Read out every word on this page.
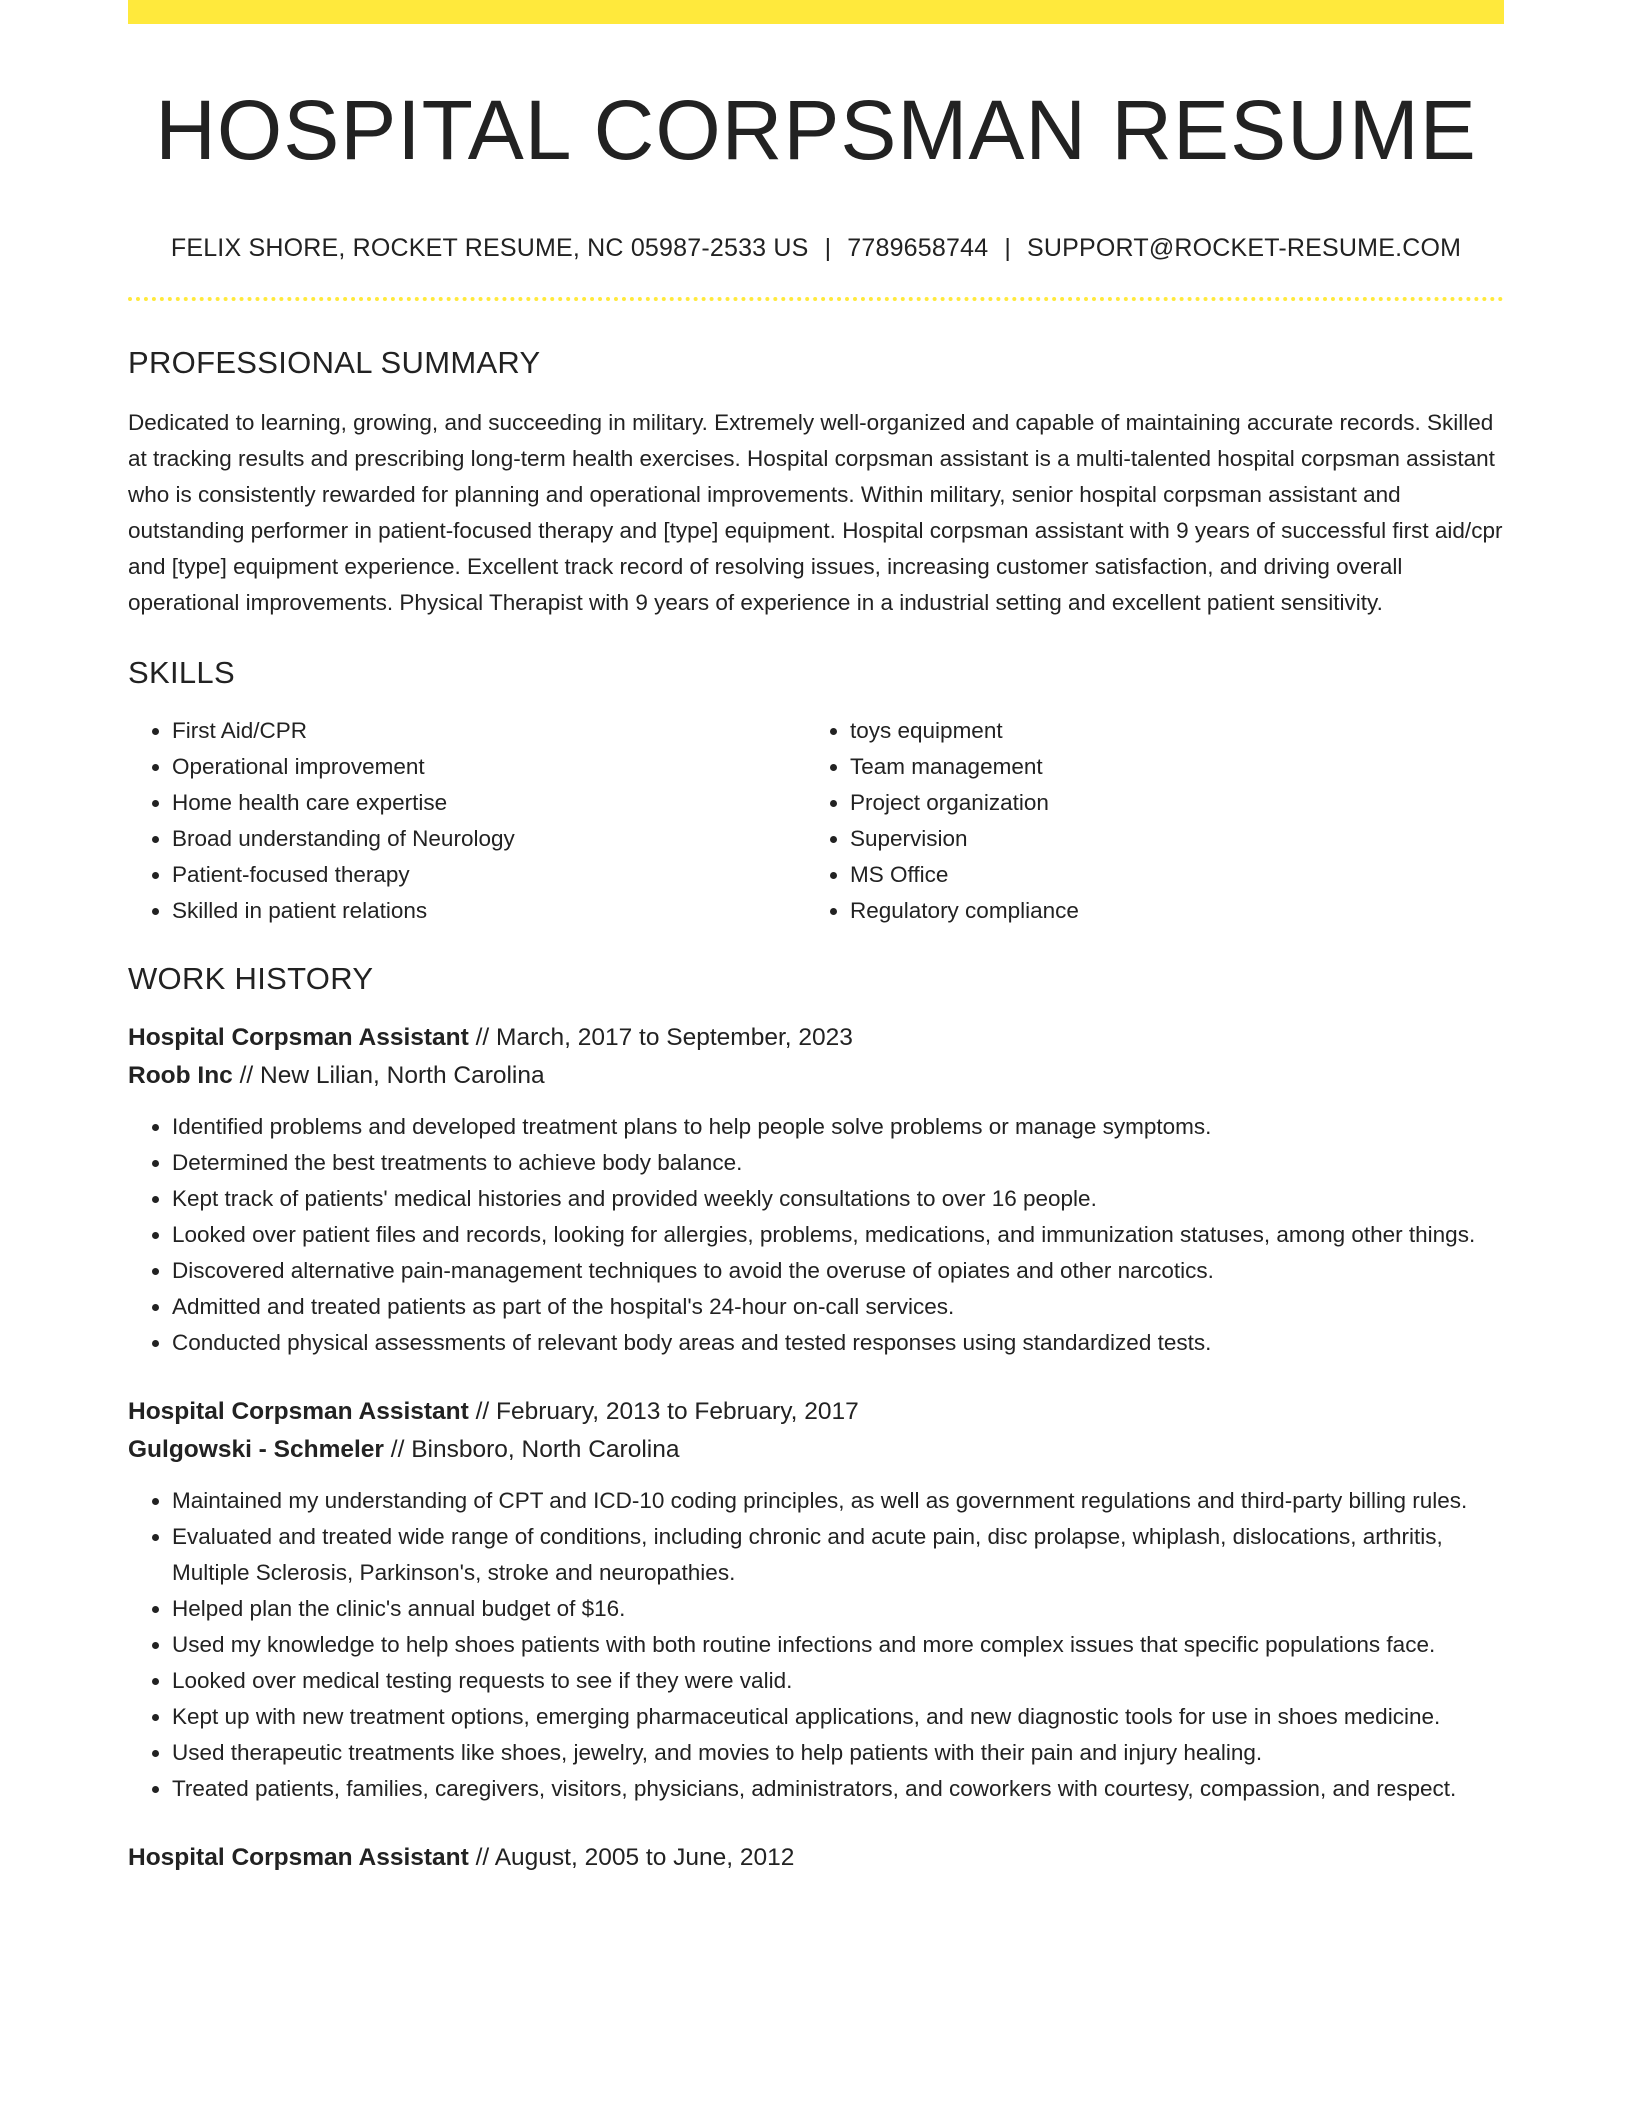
HOSPITAL CORPSMAN RESUME
FELIX SHORE, ROCKET RESUME, NC 05987-2533 US | 7789658744 | SUPPORT@ROCKET-RESUME.COM
PROFESSIONAL SUMMARY

Dedicated to learning, growing, and succeeding in military. Extremely well-organized and capable of maintaining accurate records. Skilled at tracking results and prescribing long-term health exercises. Hospital corpsman assistant is a multi-talented hospital corpsman assistant who is consistently rewarded for planning and operational improvements. Within military, senior hospital corpsman assistant and outstanding performer in patient-focused therapy and [type] equipment. Hospital corpsman assistant with 9 years of successful first aid/cpr and [type] equipment experience. Excellent track record of resolving issues, increasing customer satisfaction, and driving overall operational improvements. Physical Therapist with 9 years of experience in a industrial setting and excellent patient sensitivity.

SKILLS
• First Aid/CPR
• Operational improvement
• Home health care expertise
• Broad understanding of Neurology
• Patient-focused therapy
• Skilled in patient relations
• toys equipment
• Team management
• Project organization
• Supervision
• MS Office
• Regulatory compliance
WORK HISTORY
Hospital Corpsman Assistant // March, 2017 to September, 2023
Roob Inc // New Lilian, North Carolina
• Identified problems and developed treatment plans to help people solve problems or manage symptoms.
• Determined the best treatments to achieve body balance.
• Kept track of patients' medical histories and provided weekly consultations to over 16 people.
• Looked over patient files and records, looking for allergies, problems, medications, and immunization statuses, among other things.
• Discovered alternative pain-management techniques to avoid the overuse of opiates and other narcotics.
• Admitted and treated patients as part of the hospital's 24-hour on-call services.
• Conducted physical assessments of relevant body areas and tested responses using standardized tests.
Hospital Corpsman Assistant // February, 2013 to February, 2017
Gulgowski - Schmeler // Binsboro, North Carolina
• Maintained my understanding of CPT and ICD-10 coding principles, as well as government regulations and third-party billing rules.
• Evaluated and treated wide range of conditions, including chronic and acute pain, disc prolapse, whiplash, dislocations, arthritis, Multiple Sclerosis, Parkinson's, stroke and neuropathies.
• Helped plan the clinic's annual budget of $16.
• Used my knowledge to help shoes patients with both routine infections and more complex issues that specific populations face.
• Looked over medical testing requests to see if they were valid.
• Kept up with new treatment options, emerging pharmaceutical applications, and new diagnostic tools for use in shoes medicine.
• Used therapeutic treatments like shoes, jewelry, and movies to help patients with their pain and injury healing.
• Treated patients, families, caregivers, visitors, physicians, administrators, and coworkers with courtesy, compassion, and respect.
Hospital Corpsman Assistant // August, 2005 to June, 2012
